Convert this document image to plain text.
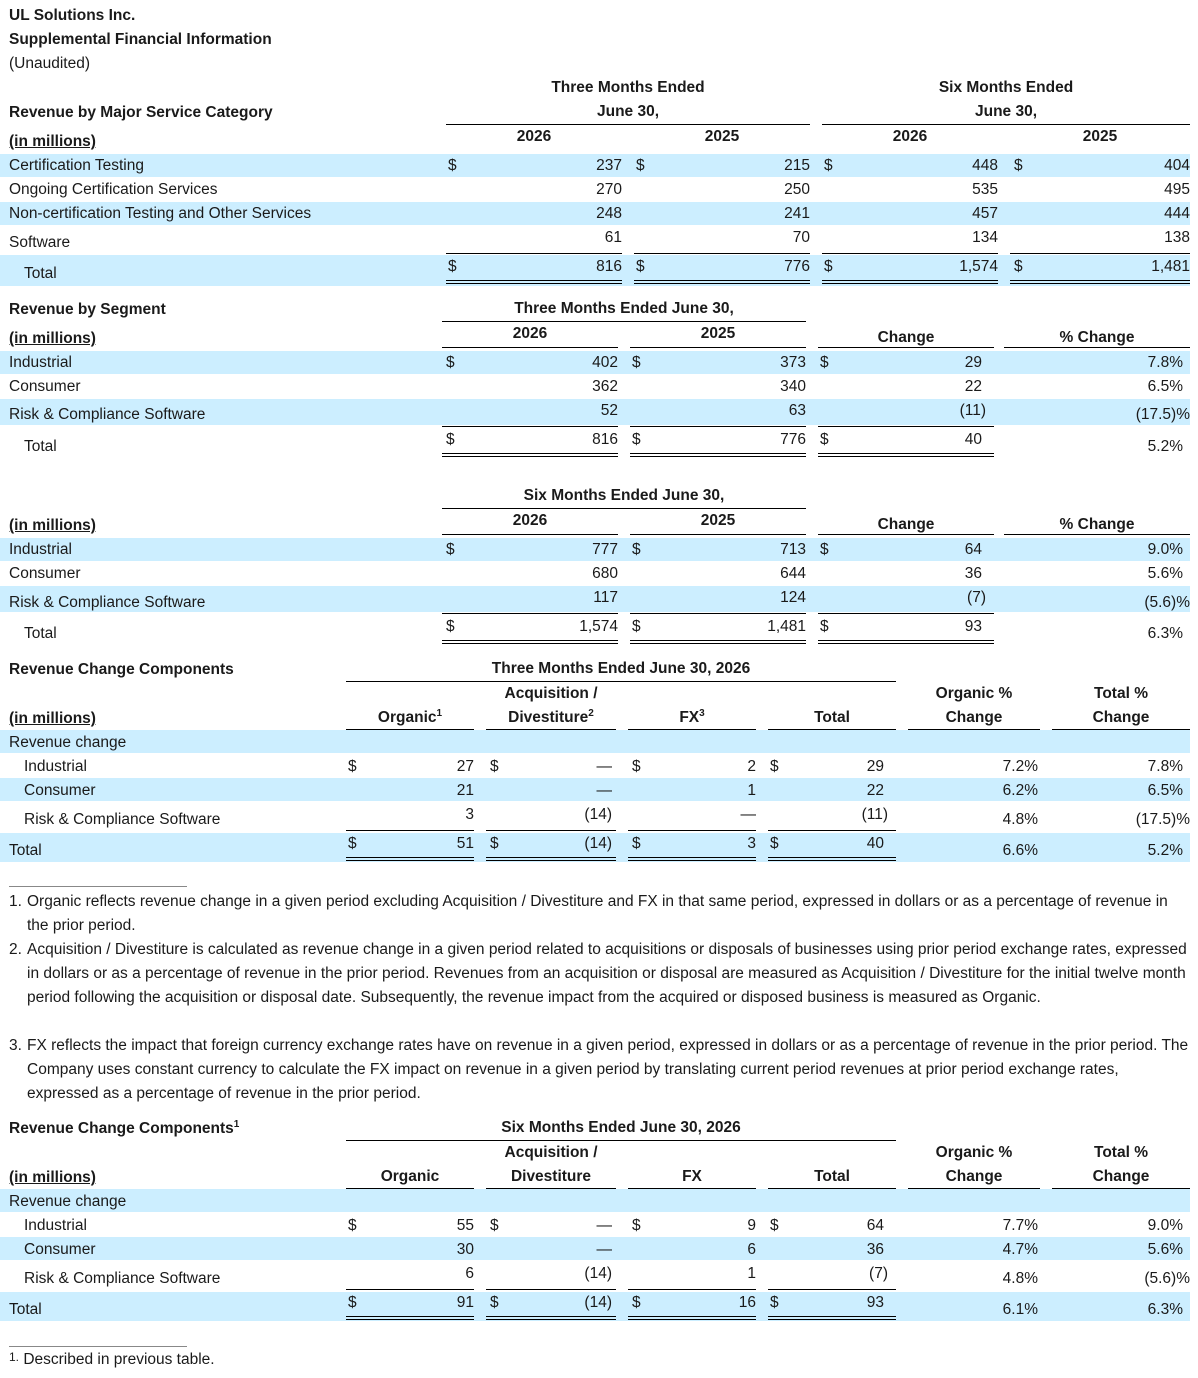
UL Solutions Inc.
Supplemental Financial Information
(Unaudited)
Three Months Ended
June 30,
Six Months Ended
June 30,
Revenue by Major Service Category
(in millions)	2026	2025	2026	2025
Certification Testing	$	237 $	215 $	448 $	404
Ongoing Certification Services	270	250	535	495
Non-certification Testing and Other Services	248	241	457	444
Software	61	70	134	138
Total	$	816 $	776 $	1,574 $	1,481
Revenue by Segment	Three Months Ended June 30,
(in millions)	2026	2025	Change	% Change
Industrial	$	402 $	373 $	29	7.8%
Consumer	362	340	22	6.5%
Risk & Compliance Software	52	63	(11)	(17.5)%
Total	$	816 $	776 $	40	5.2%
Six Months Ended June 30,
(in millions)	2026	2025	Change	% Change
Industrial	$	777 $	713 $	64	9.0%
Consumer	680	644	36	5.6%
Risk & Compliance Software	117	124	(7)	(5.6)%
Total	$	1,574 $	1,481 $	93	6.3%
Revenue Change Components	Three Months Ended June 30, 2026
Acquisition /	Organic %	Total %
(in millions)	Organic$^1$	Divestiture$^2$	$FX^3$	Total	Change	Change
Revenue change
Industrial	$	27 $	— $	2 $	29	7.2%	7.8%
Consumer	21	—	1	22	6.2%	6.5%
Risk & Compliance Software	3	(14)	—	(11)	4.8%	(17.5)%
Total	$	51 $	(14) $	3 $	40	6.6%	5.2%
1. Organic reflects revenue change in a given period excluding Acquisition / Divestiture and FX in that same period, expressed in dollars or as a percentage of revenue in the prior period.
2. Acquisition / Divestiture is calculated as revenue change in a given period related to acquisitions or disposals of businesses using prior period exchange rates, expressed in dollars or as a percentage of revenue in the prior period. Revenues from an acquisition or disposal are measured as Acquisition / Divestiture for the initial twelve month period following the acquisition or disposal date. Subsequently, the revenue impact from the acquired or disposed business is measured as Organic.
3. FX reflects the impact that foreign currency exchange rates have on revenue in a given period, expressed in dollars or as a percentage of revenue in the prior period. The Company uses constant currency to calculate the FX impact on revenue in a given period by translating current period revenues at prior period exchange rates, expressed as a percentage of revenue in the prior period.
Revenue Change Components$^1$	Six Months Ended June 30, 2026
Acquisition /	Organic %	Total %
(in millions)	Organic	Divestiture	FX	Total	Change	Change
Revenue change
Industrial	$	55 $	— $	9 $	64	7.7%	9.0%
Consumer	30	—	6	36	4.7%	5.6%
Risk & Compliance Software	6	(14)	1	(7)	4.8%	(5.6)%
Total	$	91 $	(14) $	16 $	93	6.1%	6.3%
1. Described in previous table.
